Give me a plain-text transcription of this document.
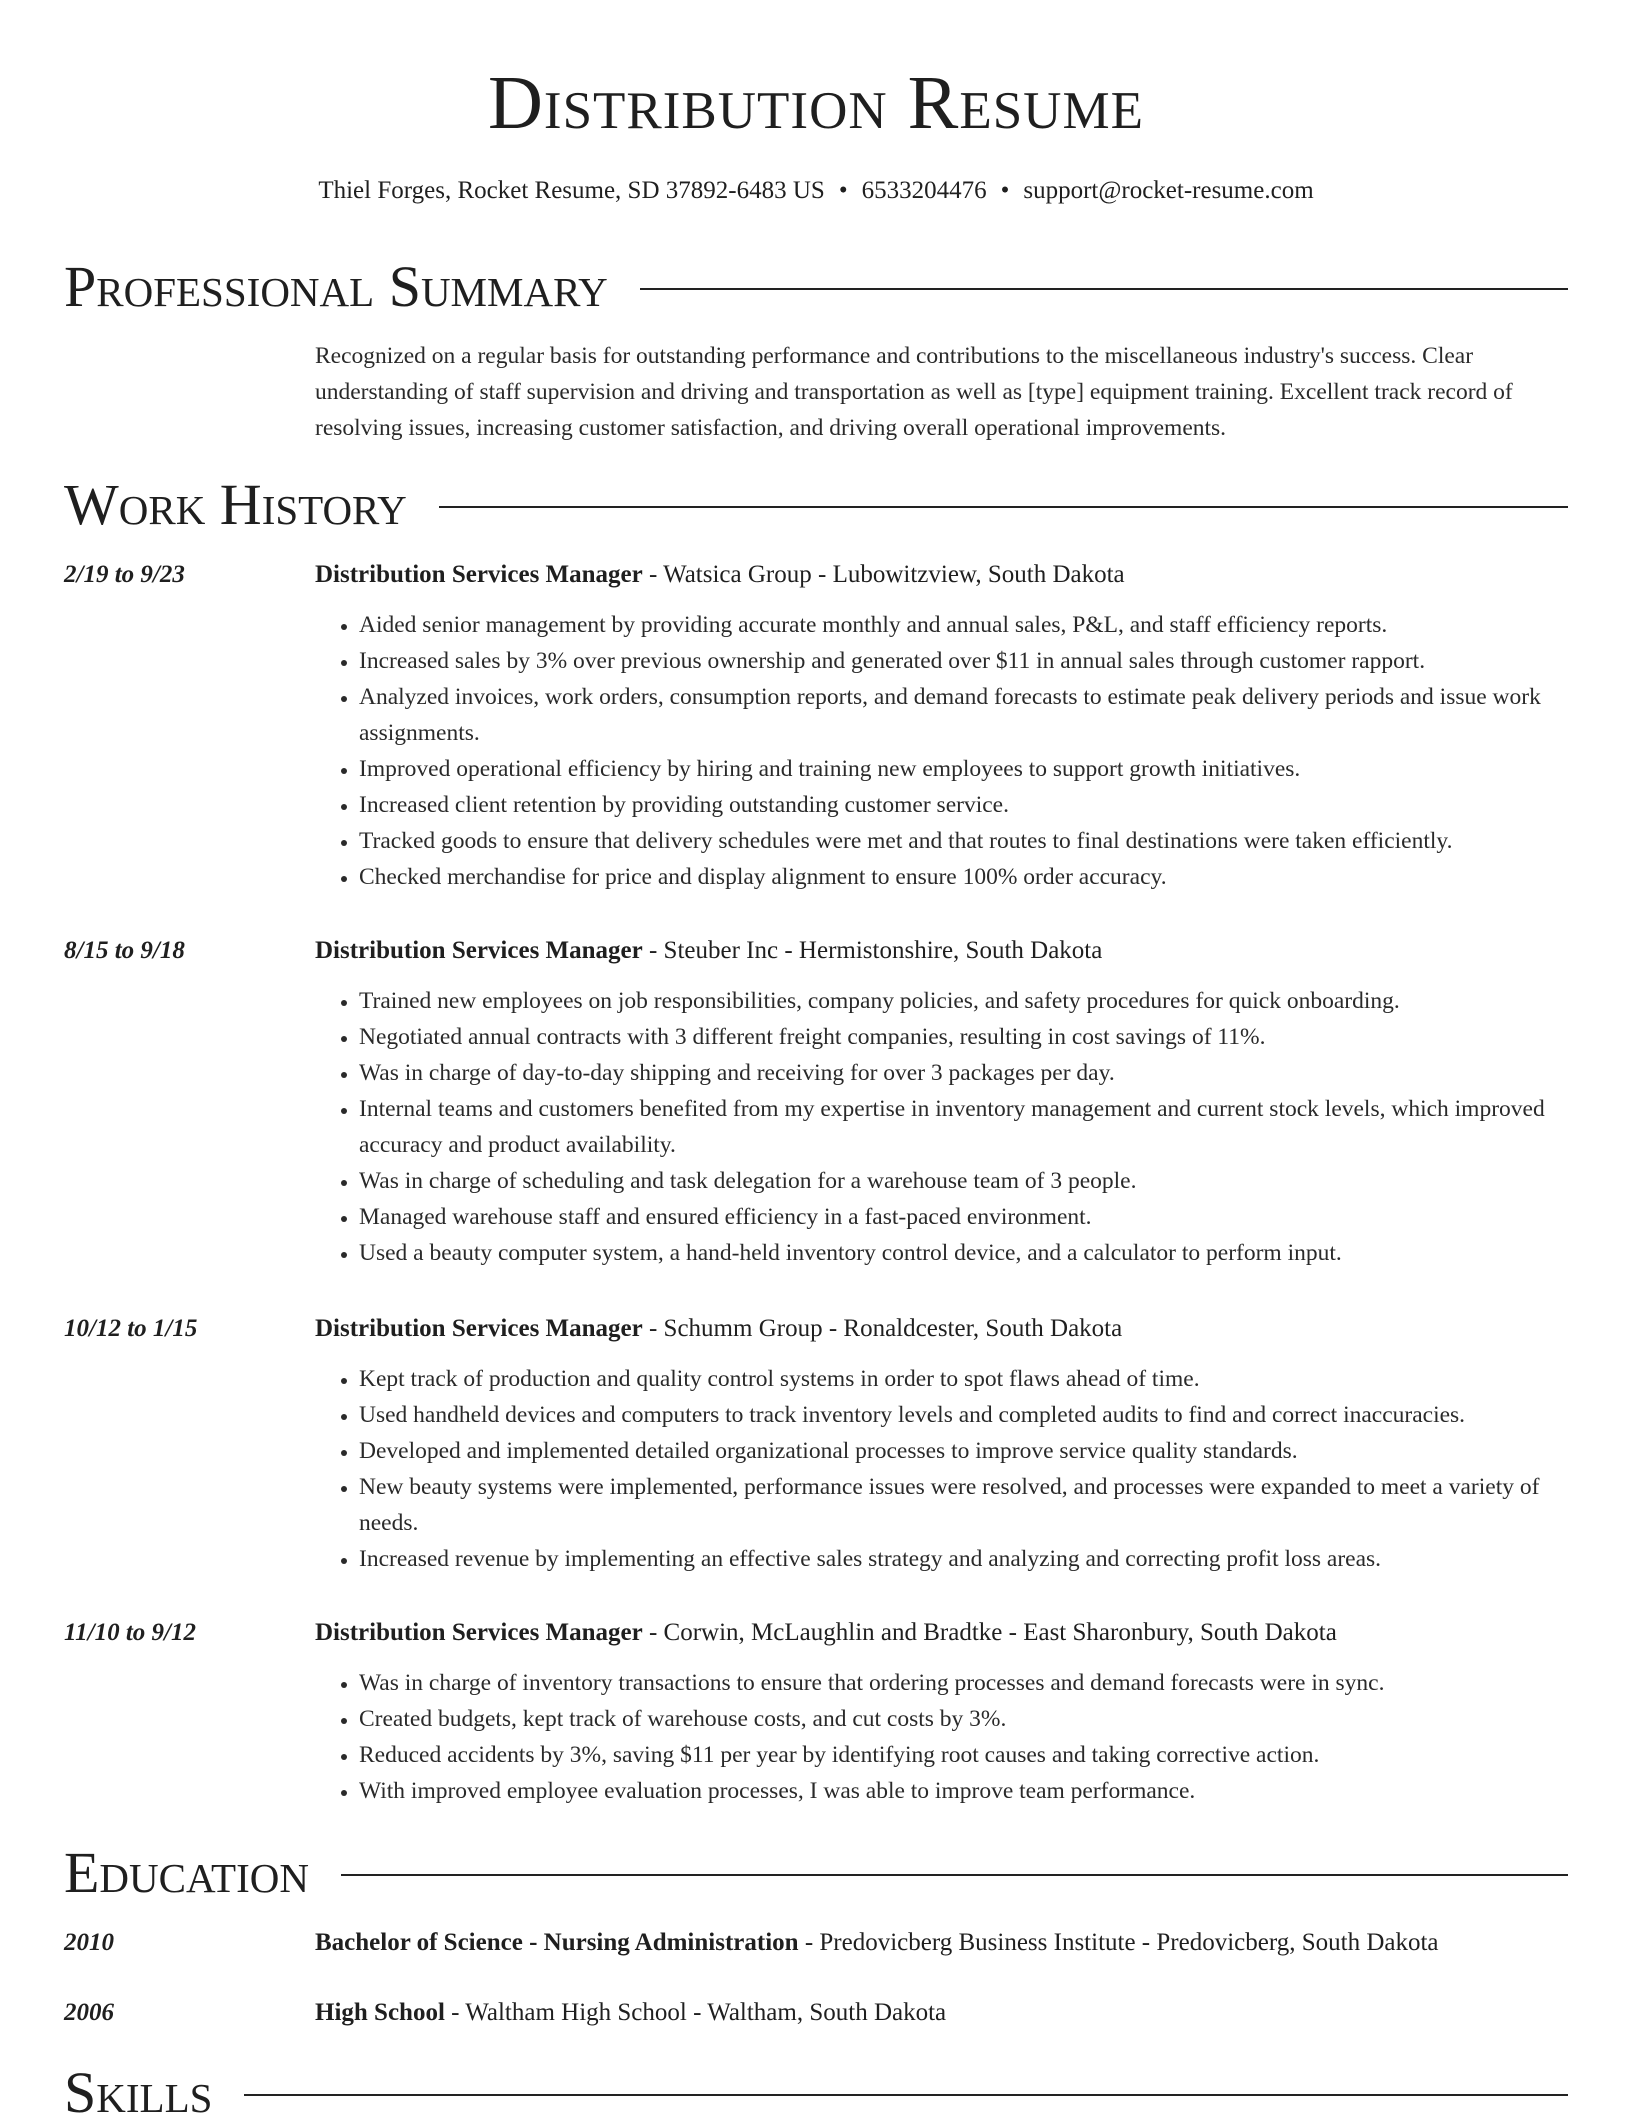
Distribution Resume
Thiel Forges, Rocket Resume, SD 37892-6483 US • 6533204476 • support@rocket-resume.com
Professional Summary
Recognized on a regular basis for outstanding performance and contributions to the miscellaneous industry's success. Clear understanding of staff supervision and driving and transportation as well as [type] equipment training. Excellent track record of resolving issues, increasing customer satisfaction, and driving overall operational improvements.
Work History
2/19 to 9/23	Distribution Services Manager - Watsica Group - Lubowitzview, South Dakota
• Aided senior management by providing accurate monthly and annual sales, P&L, and staff efficiency reports.
• Increased sales by 3% over previous ownership and generated over $11 in annual sales through customer rapport.
• Analyzed invoices, work orders, consumption reports, and demand forecasts to estimate peak delivery periods and issue work assignments.
• Improved operational efficiency by hiring and training new employees to support growth initiatives.
• Increased client retention by providing outstanding customer service.
• Tracked goods to ensure that delivery schedules were met and that routes to final destinations were taken efficiently.
• Checked merchandise for price and display alignment to ensure 100% order accuracy.
8/15 to 9/18	Distribution Services Manager - Steuber Inc - Hermistonshire, South Dakota
• Trained new employees on job responsibilities, company policies, and safety procedures for quick onboarding.
• Negotiated annual contracts with 3 different freight companies, resulting in cost savings of 11%.
• Was in charge of day-to-day shipping and receiving for over 3 packages per day.
• Internal teams and customers benefited from my expertise in inventory management and current stock levels, which improved accuracy and product availability.
• Was in charge of scheduling and task delegation for a warehouse team of 3 people.
• Managed warehouse staff and ensured efficiency in a fast-paced environment.
• Used a beauty computer system, a hand-held inventory control device, and a calculator to perform input.
10/12 to 1/15	Distribution Services Manager - Schumm Group - Ronaldcester, South Dakota
• Kept track of production and quality control systems in order to spot flaws ahead of time.
• Used handheld devices and computers to track inventory levels and completed audits to find and correct inaccuracies.
• Developed and implemented detailed organizational processes to improve service quality standards.
• New beauty systems were implemented, performance issues were resolved, and processes were expanded to meet a variety of needs.
• Increased revenue by implementing an effective sales strategy and analyzing and correcting profit loss areas.
11/10 to 9/12	Distribution Services Manager - Corwin, McLaughlin and Bradtke - East Sharonbury, South Dakota
• Was in charge of inventory transactions to ensure that ordering processes and demand forecasts were in sync.
• Created budgets, kept track of warehouse costs, and cut costs by 3%.
• Reduced accidents by 3%, saving $11 per year by identifying root causes and taking corrective action.
• With improved employee evaluation processes, I was able to improve team performance.
Education
2010	Bachelor of Science - Nursing Administration - Predovicberg Business Institute - Predovicberg, South Dakota
2006	High School - Waltham High School - Waltham, South Dakota
Skills
